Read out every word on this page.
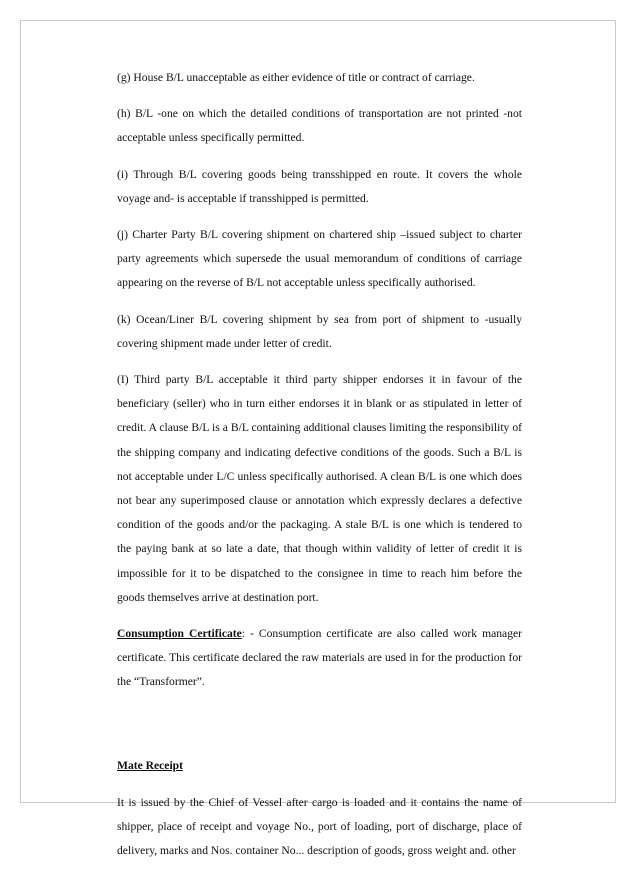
(g) House B/L unacceptable as either evidence of title or contract of carriage.

(h) B/L -one on which the detailed conditions of transportation are not printed -not acceptable unless specifically permitted.

(i) Through B/L covering goods being transshipped en route. It covers the whole voyage and- is acceptable if transshipped is permitted.

(j) Charter Party B/L covering shipment on chartered ship –issued subject to charter party agreements which supersede the usual memorandum of conditions of carriage appearing on the reverse of B/L not acceptable unless specifically authorised.

(k) Ocean/Liner B/L covering shipment by sea from port of shipment to -usually covering shipment made under letter of credit.

(I) Third party B/L acceptable it third party shipper endorses it in favour of the beneficiary (seller) who in turn either endorses it in blank or as stipulated in letter of credit. A clause B/L is a B/L containing additional clauses limiting the responsibility of the shipping company and indicating defective conditions of the goods. Such a B/L is not acceptable under L/C unless specifically authorised. A clean B/L is one which does not bear any superimposed clause or annotation which expressly declares a defective condition of the goods and/or the packaging. A stale B/L is one which is tendered to the paying bank at so late a date, that though within validity of letter of credit it is impossible for it to be dispatched to the consignee in time to reach him before the goods themselves arrive at destination port.

Consumption Certificate: - Consumption certificate are also called work manager certificate. This certificate declared the raw materials are used in for the production for the “Transformer”.

Mate Receipt

It is issued by the Chief of Vessel after cargo is loaded and it contains the name of shipper, place of receipt and voyage No., port of loading, port of discharge, place of delivery, marks and Nos. container No... description of goods, gross weight and. other
